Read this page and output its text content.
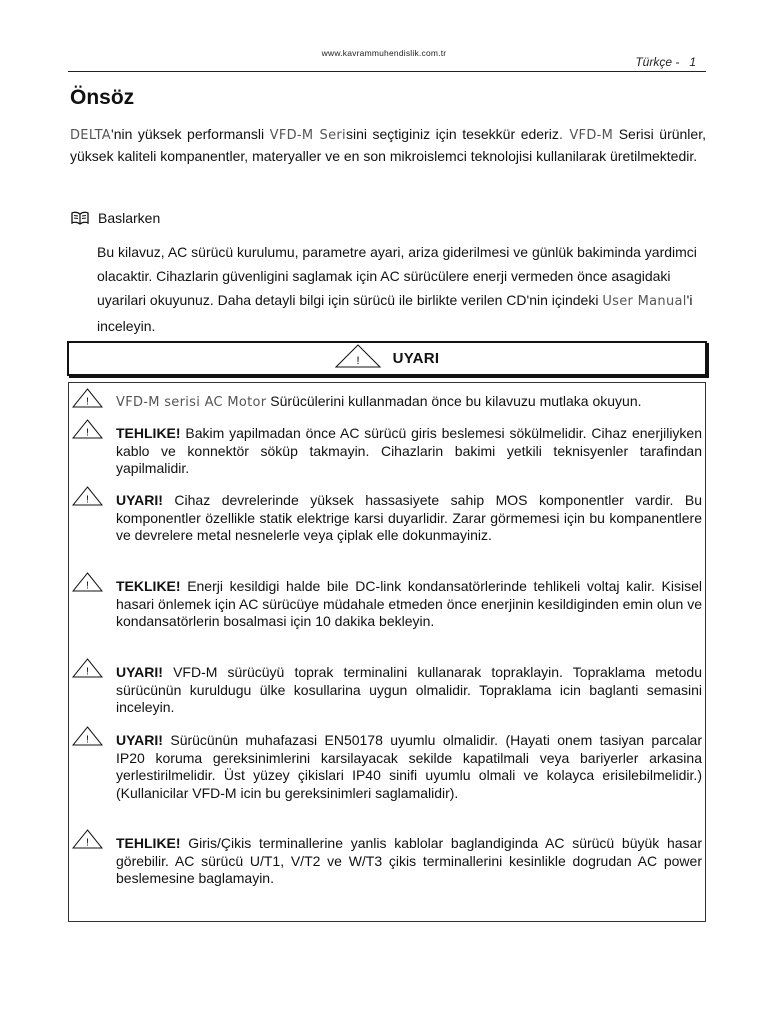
www.kavrammuhendislik.com.tr
Türkçe -   1
Önsöz
DELTA'nin yüksek performansli VFD-M Serisini seçtiginiz için tesekkür ederiz. VFD-M Serisi ürünler, yüksek kaliteli kompanentler, materyaller ve en son mikroislemci teknolojisi kullanilarak üretilmektedir.
Baslarken
Bu kilavuz, AC sürücü kurulumu, parametre ayari, ariza giderilmesi ve günlük bakiminda yardimci olacaktir. Cihazlarin güvenligini saglamak için AC sürücülere enerji vermeden önce asagidaki uyarilari okuyunuz. Daha detayli bilgi için sürücü ile birlikte verilen CD'nin içindeki User Manual'i inceleyin.
! UYARI
! VFD-M serisi AC Motor Sürücülerini kullanmadan önce bu kilavuzu mutlaka okuyun.
! TEHLIKE! Bakim yapilmadan önce AC sürücü giris beslemesi sökülmelidir. Cihaz enerjiliyken kablo ve konnektör söküp takmayin. Cihazlarin bakimi yetkili teknisyenler tarafindan yapilmalidir.
! UYARI! Cihaz devrelerinde yüksek hassasiyete sahip MOS komponentler vardir. Bu komponentler özellikle statik elektrige karsi duyarlidir. Zarar görmemesi için bu kompanentlere ve devrelere metal nesnelerle veya çiplak elle dokunmayiniz.
! TEKLIKE! Enerji kesildigi halde bile DC-link kondansatörlerinde tehlikeli voltaj kalir. Kisisel hasari önlemek için AC sürücüye müdahale etmeden önce enerjinin kesildiginden emin olun ve kondansatörlerin bosalmasi için 10 dakika bekleyin.
! UYARI! VFD-M sürücüyü toprak terminalini kullanarak topraklayin. Topraklama metodu sürücünün kuruldugu ülke kosullarina uygun olmalidir. Topraklama icin baglanti semasini inceleyin.
! UYARI! Sürücünün muhafazasi EN50178 uyumlu olmalidir. (Hayati onem tasiyan parcalar IP20 koruma gereksinimlerini karsilayacak sekilde kapatilmali veya bariyerler arkasina yerlestirilmelidir. Üst yüzey çikislari IP40 sinifi uyumlu olmali ve kolayca erisilebilmelidir.) (Kullanicilar VFD-M icin bu gereksinimleri saglamalidir).
! TEHLIKE! Giris/Çikis terminallerine yanlis kablolar baglandiginda AC sürücü büyük hasar görebilir. AC sürücü U/T1, V/T2 ve W/T3 çikis terminallerini kesinlikle dogrudan AC power beslemesine baglamayin.
